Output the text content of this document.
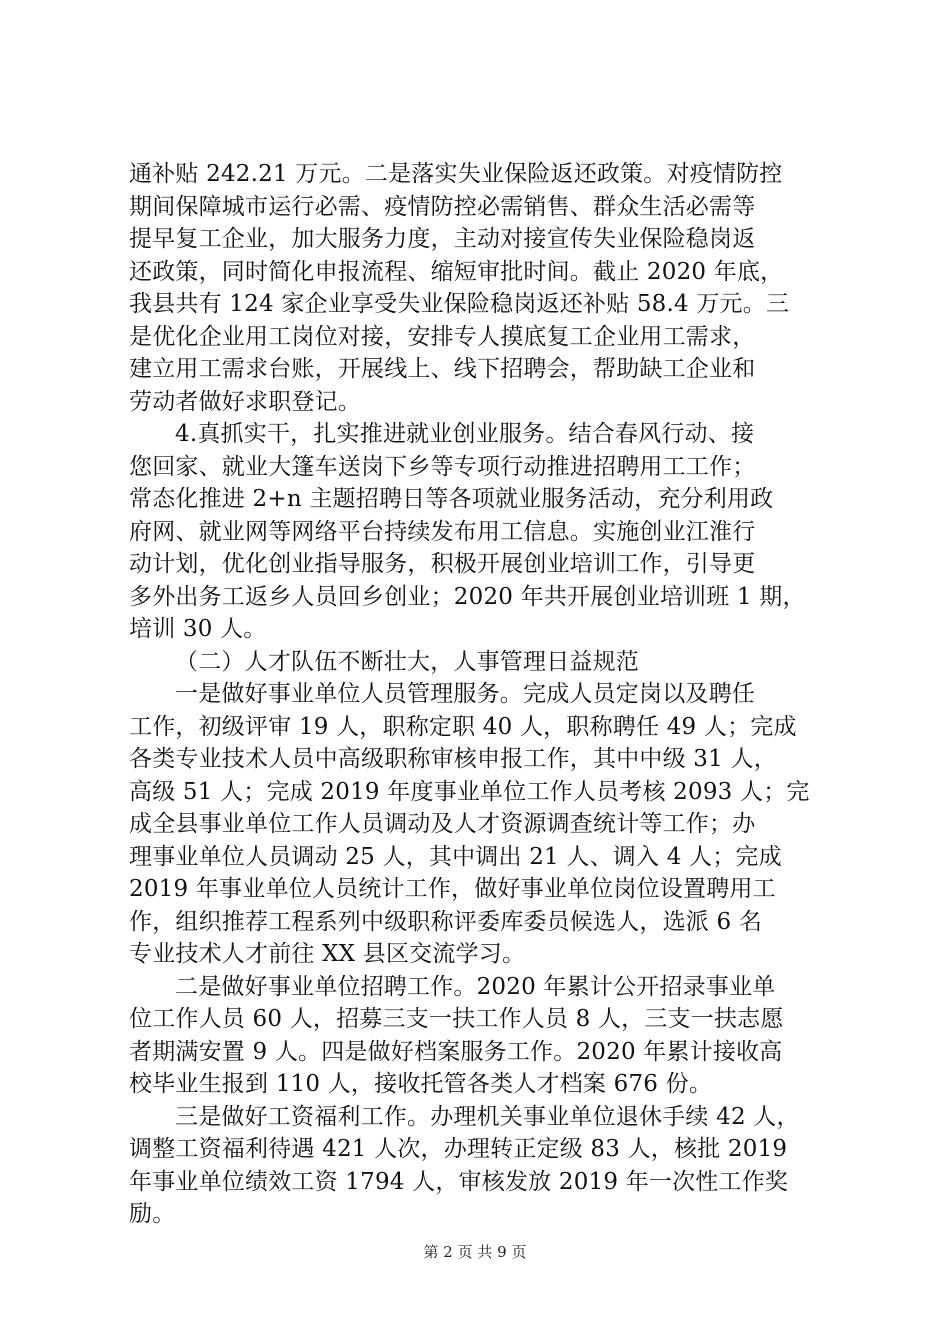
通补贴 242.21 万元。二是落实失业保险返还政策。对疫情防控
期间保障城市运行必需、疫情防控必需销售、群众生活必需等
提早复工企业，加大服务力度，主动对接宣传失业保险稳岗返
还政策，同时简化申报流程、缩短审批时间。截止 2020 年底，
我县共有 124 家企业享受失业保险稳岗返还补贴 58.4 万元。三
是优化企业用工岗位对接，安排专人摸底复工企业用工需求，
建立用工需求台账，开展线上、线下招聘会，帮助缺工企业和
劳动者做好求职登记。
4.真抓实干，扎实推进就业创业服务。结合春风行动、接
您回家、就业大篷车送岗下乡等专项行动推进招聘用工工作；
常态化推进 2+n 主题招聘日等各项就业服务活动，充分利用政
府网、就业网等网络平台持续发布用工信息。实施创业江淮行
动计划，优化创业指导服务，积极开展创业培训工作，引导更
多外出务工返乡人员回乡创业；2020 年共开展创业培训班 1 期，
培训 30 人。
（二）人才队伍不断壮大，人事管理日益规范
一是做好事业单位人员管理服务。完成人员定岗以及聘任
工作，初级评审 19 人，职称定职 40 人，职称聘任 49 人；完成
各类专业技术人员中高级职称审核申报工作，其中中级 31 人，
高级 51 人；完成 2019 年度事业单位工作人员考核 2093 人；完
成全县事业单位工作人员调动及人才资源调查统计等工作；办
理事业单位人员调动 25 人，其中调出 21 人、调入 4 人；完成
2019 年事业单位人员统计工作，做好事业单位岗位设置聘用工
作，组织推荐工程系列中级职称评委库委员候选人，选派 6 名
专业技术人才前往 XX 县区交流学习。
二是做好事业单位招聘工作。2020 年累计公开招录事业单
位工作人员 60 人，招募三支一扶工作人员 8 人，三支一扶志愿
者期满安置 9 人。四是做好档案服务工作。2020 年累计接收高
校毕业生报到 110 人，接收托管各类人才档案 676 份。
三是做好工资福利工作。办理机关事业单位退休手续 42 人，
调整工资福利待遇 421 人次，办理转正定级 83 人，核批 2019
年事业单位绩效工资 1794 人，审核发放 2019 年一次性工作奖
励。
第 2 页 共 9 页
